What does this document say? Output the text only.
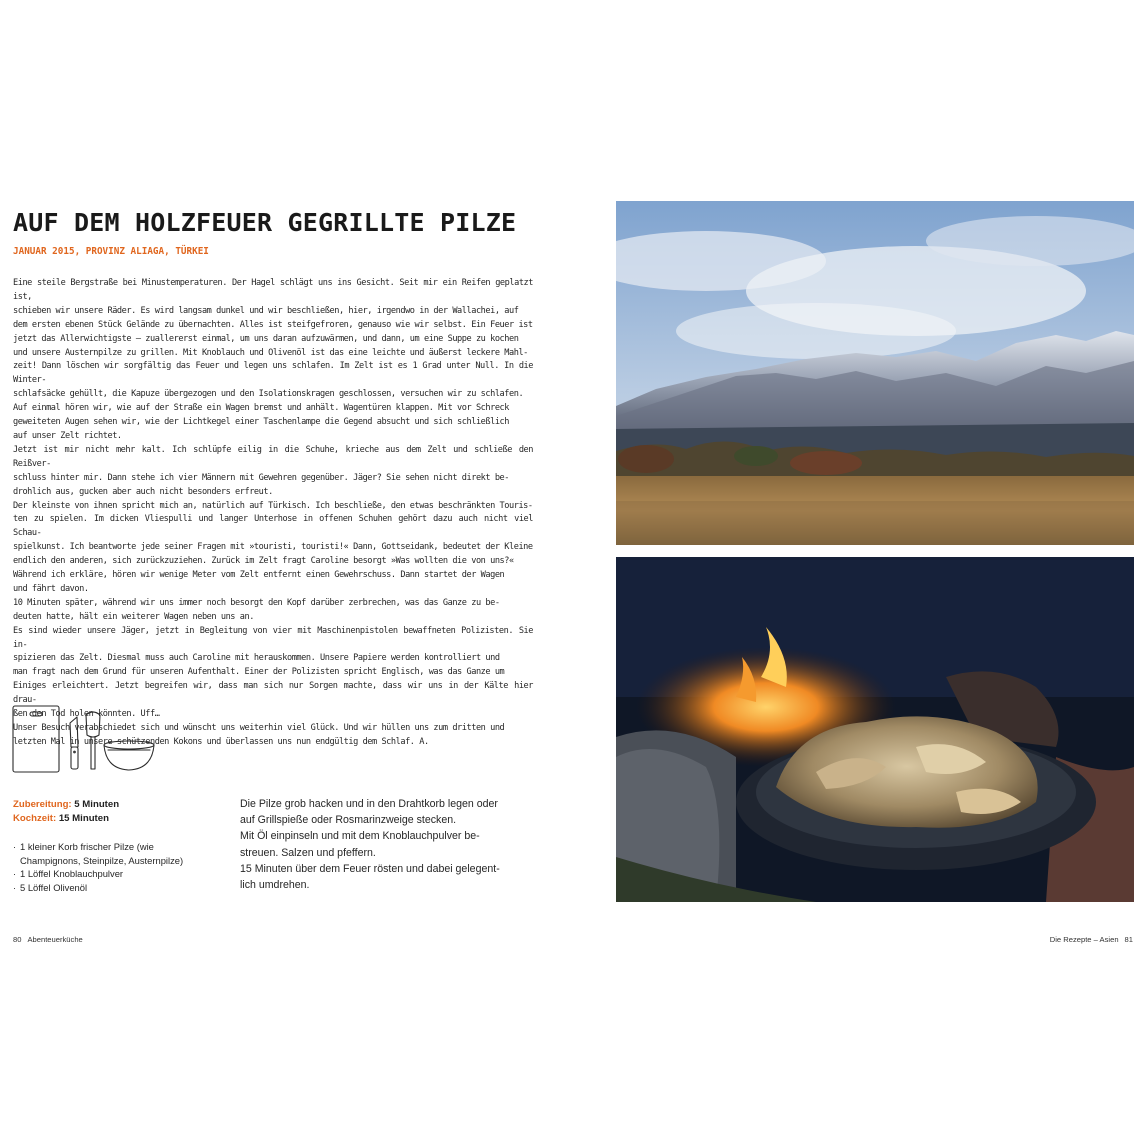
AUF DEM HOLZFEUER GEGRILLTE PILZE
JANUAR 2015, PROVINZ ALIAGA, TÜRKEI

Eine steile Bergstraße bei Minustemperaturen. Der Hagel schlägt uns ins Gesicht. Seit mir ein Reifen geplatzt ist,

schieben wir unsere Räder. Es wird langsam dunkel und wir beschließen, hier, irgendwo in der Wallachei, auf

dem ersten ebenen Stück Gelände zu übernachten. Alles ist steifgefroren, genauso wie wir selbst. Ein Feuer ist

jetzt das Allerwichtigste – zuallererst einmal, um uns daran aufzuwärmen, und dann, um eine Suppe zu kochen

und unsere Austernpilze zu grillen. Mit Knoblauch und Olivenöl ist das eine leichte und äußerst leckere Mahl-

zeit! Dann löschen wir sorgfältig das Feuer und legen uns schlafen. Im Zelt ist es 1 Grad unter Null. In die Winter-

schlafsäcke gehüllt, die Kapuze übergezogen und den Isolationskragen geschlossen, versuchen wir zu schlafen.

Auf einmal hören wir, wie auf der Straße ein Wagen bremst und anhält. Wagentüren klappen. Mit vor Schreck

geweiteten Augen sehen wir, wie der Lichtkegel einer Taschenlampe die Gegend absucht und sich schließlich

auf unser Zelt richtet.

Jetzt ist mir nicht mehr kalt. Ich schlüpfe eilig in die Schuhe, krieche aus dem Zelt und schließe den Reißver-

schluss hinter mir. Dann stehe ich vier Männern mit Gewehren gegenüber. Jäger? Sie sehen nicht direkt be-

drohlich aus, gucken aber auch nicht besonders erfreut.

Der kleinste von ihnen spricht mich an, natürlich auf Türkisch. Ich beschließe, den etwas beschränkten Touris-

ten zu spielen. Im dicken Vliespulli und langer Unterhose in offenen Schuhen gehört dazu auch nicht viel Schau-

spielkunst. Ich beantworte jede seiner Fragen mit »touristi, touristi!« Dann, Gottseidank, bedeutet der Kleine

endlich den anderen, sich zurückzuziehen. Zurück im Zelt fragt Caroline besorgt »Was wollten die von uns?«

Während ich erkläre, hören wir wenige Meter vom Zelt entfernt einen Gewehrschuss. Dann startet der Wagen

und fährt davon.

10 Minuten später, während wir uns immer noch besorgt den Kopf darüber zerbrechen, was das Ganze zu be-

deuten hatte, hält ein weiterer Wagen neben uns an.

Es sind wieder unsere Jäger, jetzt in Begleitung von vier mit Maschinenpistolen bewaffneten Polizisten. Sie in-

spizieren das Zelt. Diesmal muss auch Caroline mit herauskommen. Unsere Papiere werden kontrolliert und

man fragt nach dem Grund für unseren Aufenthalt. Einer der Polizisten spricht Englisch, was das Ganze um

Einiges erleichtert. Jetzt begreifen wir, dass man sich nur Sorgen machte, dass wir uns in der Kälte hier drau-

ßen den Tod holen könnten. Uff…

Unser Besuch verabschiedet sich und wünscht uns weiterhin viel Glück. Und wir hüllen uns zum dritten und

letzten Mal in unsere schützenden Kokons und überlassen uns nun endgültig dem Schlaf. A.

Zubereitung: 5 Minuten
Kochzeit: 15 Minuten
· 1 kleiner Korb frischer Pilze (wie
Champignons, Steinpilze, Austernpilze)
· 1 Löffel Knoblauchpulver
· 5 Löffel Olivenöl

Die Pilze grob hacken und in den Drahtkorb legen oder

auf Grillspieße oder Rosmarinzweige stecken.

Mit Öl einpinseln und mit dem Knoblauchpulver be-

streuen. Salzen und pfeffern.

15 Minuten über dem Feuer rösten und dabei gelegent-

lich umdrehen.

80 Abenteuerküche	Die Rezepte – Asien 81
